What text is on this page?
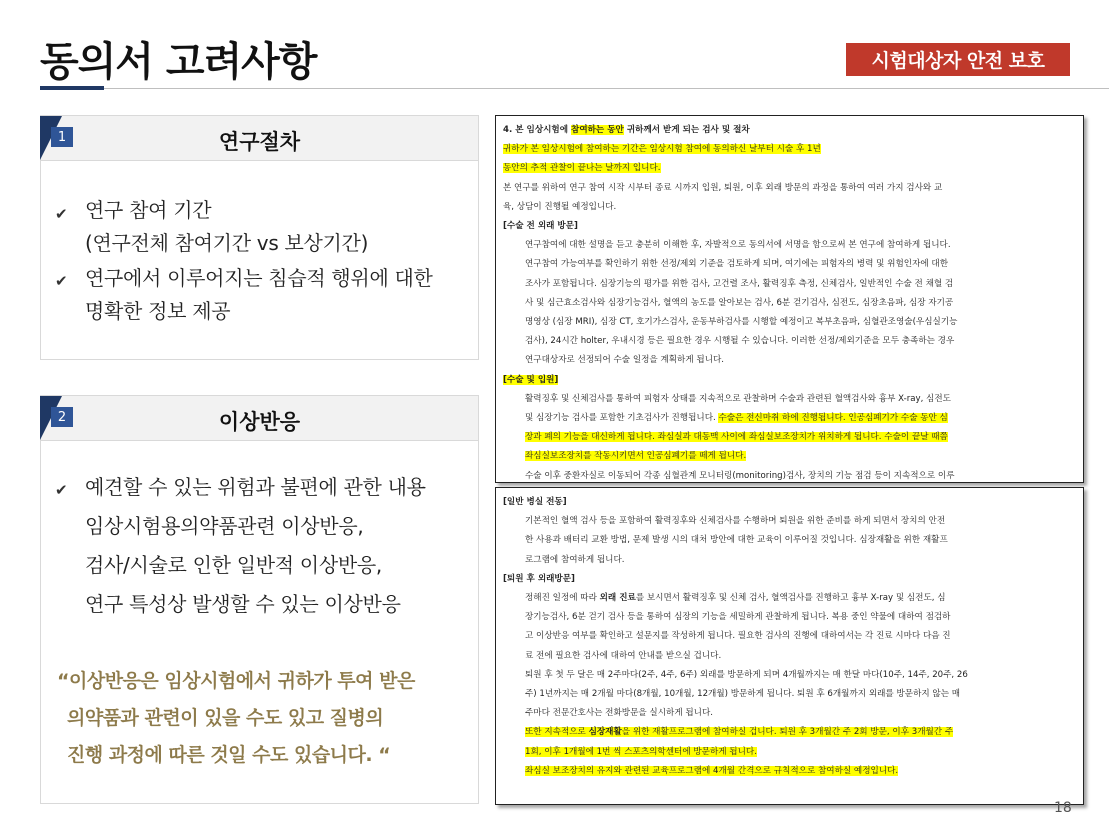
동의서 고려사항	시험대상자 안전 보호
1	연구절차
✔ 연구 참여 기간
(연구전체 참여기간 vs 보상기간)
✔ 연구에서 이루어지는 침습적 행위에 대한
명확한 정보 제공
2	이상반응
✔ 예견할 수 있는 위험과 불편에 관한 내용
임상시험용의약품관련 이상반응,
검사/시술로 인한 일반적 이상반응,
연구 특성상 발생할 수 있는 이상반응
“이상반응은 임상시험에서 귀하가 투여 받은
의약품과 관련이 있을 수도 있고 질병의
진행 과정에 따른 것일 수도 있습니다. “
4. 본 임상시험에 참여하는 동안 귀하께서 받게 되는 검사 및 절차
귀하가 본 임상시험에 참여하는 기간은 임상시험 참여에 동의하신 날부터 시술 후 1년
동안의 추적 관찰이 끝나는 날까지 입니다.
본 연구를 위하여 연구 참여 시작 시부터 종료 시까지 입원, 퇴원, 이후 외래 방문의 과정을 통하여 여러 가지 검사와 교
육, 상담이 진행될 예정입니다.
[수술 전 외래 방문]
연구참여에 대한 설명을 듣고 충분히 이해한 후, 자발적으로 동의서에 서명을 함으로써 본 연구에 참여하게 됩니다.
연구참여 가능여부를 확인하기 위한 선정/제외 기준을 검토하게 되며, 여기에는 피험자의 병력 및 위험인자에 대한
조사가 포함됩니다. 심장기능의 평가를 위한 검사, 고건렬 조사, 활력징후 측정, 신체검사, 일반적인 수술 전 채혈 검
사 및 심근효소검사와 심장기능검사, 혈액의 농도를 알아보는 검사, 6분 걷기검사, 심전도, 심장초음파, 심장 자기공
명영상 (심장 MRI), 심장 CT, 호기가스검사, 운동부하검사를 시행할 예정이고 복부초음파, 심혈관조영술(우심실기능
검사), 24시간 holter, 우내시경 등은 필요한 경우 시행될 수 있습니다. 이러한 선정/제외기준을 모두 충족하는 경우
연구대상자로 선정되어 수술 일정을 계획하게 됩니다.
[수술 및 입원]
활력징후 및 신체검사를 통하여 피험자 상태를 지속적으로 관찰하며 수술과 관련된 혈액검사와 흉부 X-ray, 심전도
및 심장기능 검사를 포함한 기초검사가 진행됩니다. 수술은 전신마취 하에 진행됩니다. 인공심폐기가 수술 동안 심
장과 폐의 기능을 대신하게 됩니다. 좌심실과 대동맥 사이에 좌심실보조장치가 위치하게 됩니다. 수술이 끝날 때쯤
좌심실보조장치를 작동시키면서 인공심폐기를 떼게 됩니다.
수술 이후 중환자실로 이동되어 각종 심혈관계 모니터링(monitoring)검사, 장치의 기능 점검 등이 지속적으로 이루
[일반 병실 전동]
기본적인 혈액 검사 등을 포함하여 활력징후와 신체검사를 수행하며 퇴원을 위한 준비를 하게 되면서 장치의 안전
한 사용과 배터리 교환 방법, 문제 발생 시의 대처 방안에 대한 교육이 이루어질 것입니다. 심장재활을 위한 재활프
로그램에 참여하게 됩니다.
[퇴원 후 외래방문]
정해진 일정에 따라 외래 진료를 보시면서 활력징후 및 신체 검사, 혈액검사를 진행하고 흉부 X-ray 및 심전도, 심
장기능검사, 6분 걷기 검사 등을 통하여 심장의 기능을 세밀하게 관찰하게 됩니다. 복용 중인 약물에 대하여 점검하
고 이상반응 여부를 확인하고 설문지를 작성하게 됩니다. 필요한 검사의 진행에 대하여서는 각 진료 시마다 다음 진
료 전에 필요한 검사에 대하여 안내를 받으실 겁니다.
퇴원 후 첫 두 달은 매 2주마다(2주, 4주, 6주) 외래를 방문하게 되며 4개월까지는 매 한달 마다(10주, 14주, 20주, 26
주) 1년까지는 매 2개월 마다(8개월, 10개월, 12개월) 방문하게 됩니다. 퇴원 후 6개월까지 외래를 방문하지 않는 매
주마다 전문간호사는 전화방문을 실시하게 됩니다.
또한 지속적으로 심장재활을 위한 재활프로그램에 참여하실 겁니다. 퇴원 후 3개월간 주 2회 방문, 이후 3개월간 주
1회, 이후 1개월에 1번 씩 스포츠의학센터에 방문하게 됩니다.
좌심실 보조장치의 유지와 관련된 교육프로그램에 4개월 간격으로 규칙적으로 참여하실 예정입니다.
18
